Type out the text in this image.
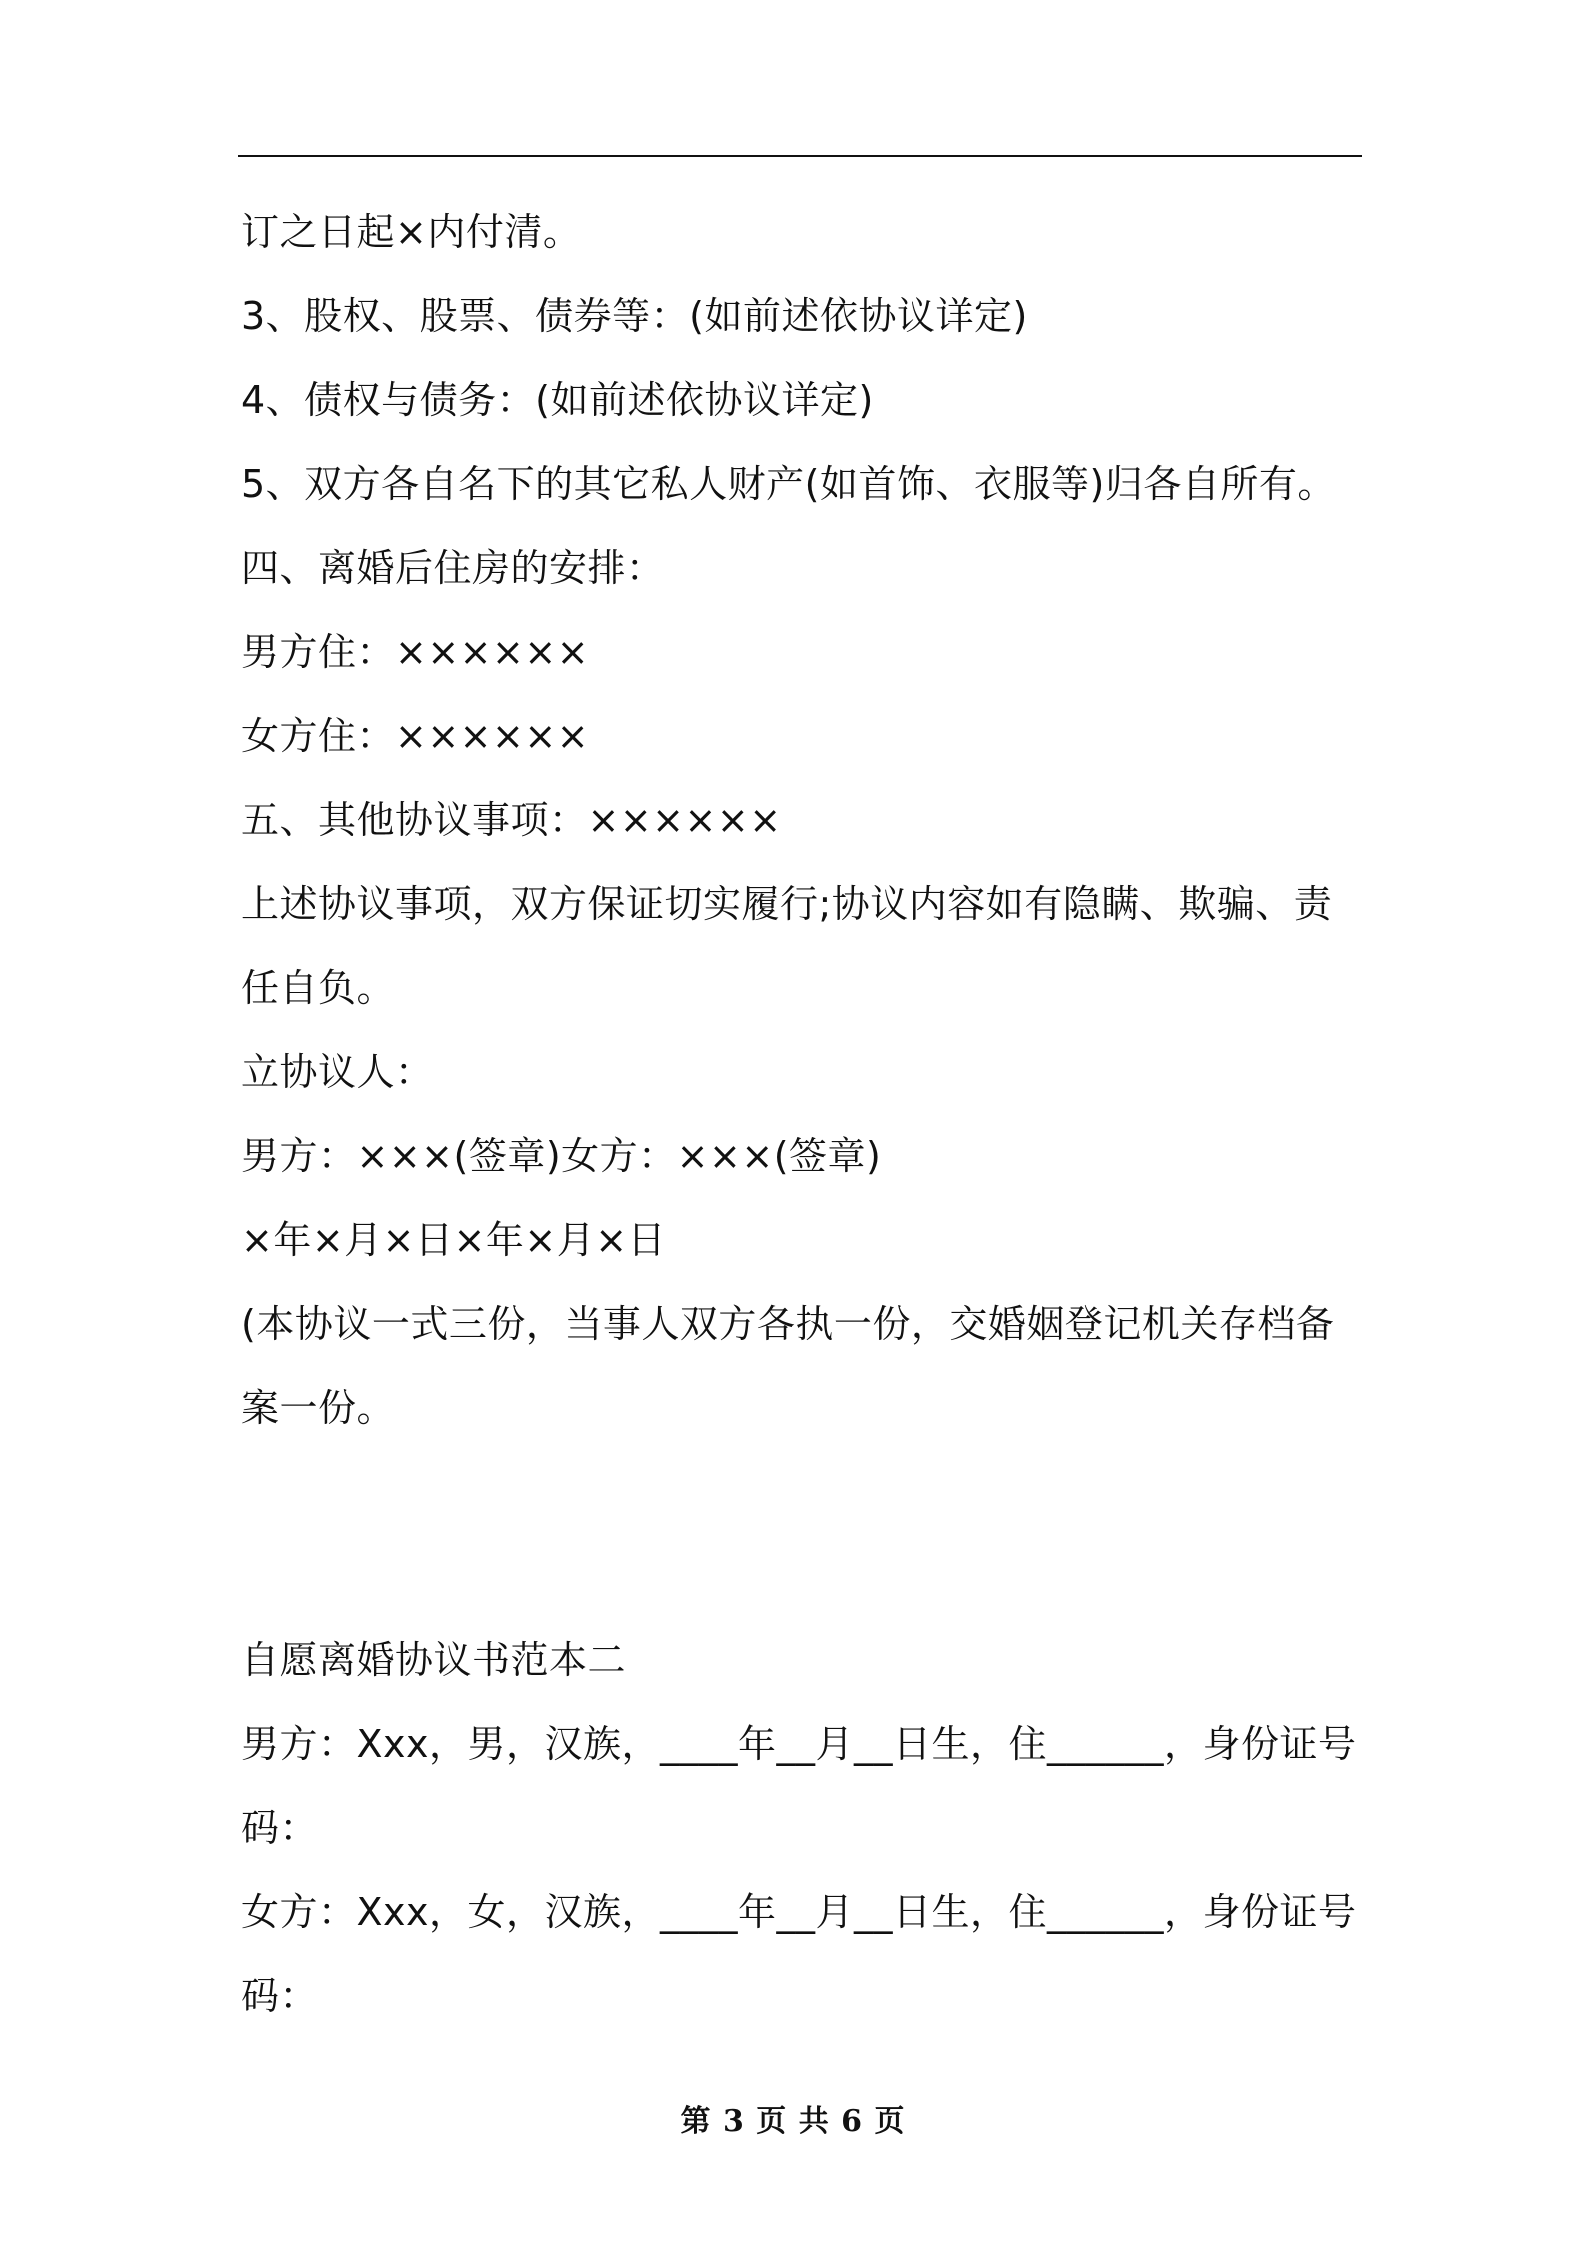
订之日起×内付清。

3、股权、股票、债券等：(如前述依协议详定)

4、债权与债务：(如前述依协议详定)

5、双方各自名下的其它私人财产(如首饰、衣服等)归各自所有。

四、离婚后住房的安排：

男方住：××××××

女方住：××××××

五、其他协议事项：××××××

上述协议事项，双方保证切实履行;协议内容如有隐瞒、欺骗、责任自负。

立协议人：

男方：×××(签章)女方：×××(签章)

×年×月×日×年×月×日

(本协议一式三份，当事人双方各执一份，交婚姻登记机关存档备案一份。

自愿离婚协议书范本二

男方：Xxx，男，汉族，____年__月__日生，住______，身份证号码：

女方：Xxx，女，汉族，____年__月__日生，住______，身份证号码：

第 3 页 共 6 页
